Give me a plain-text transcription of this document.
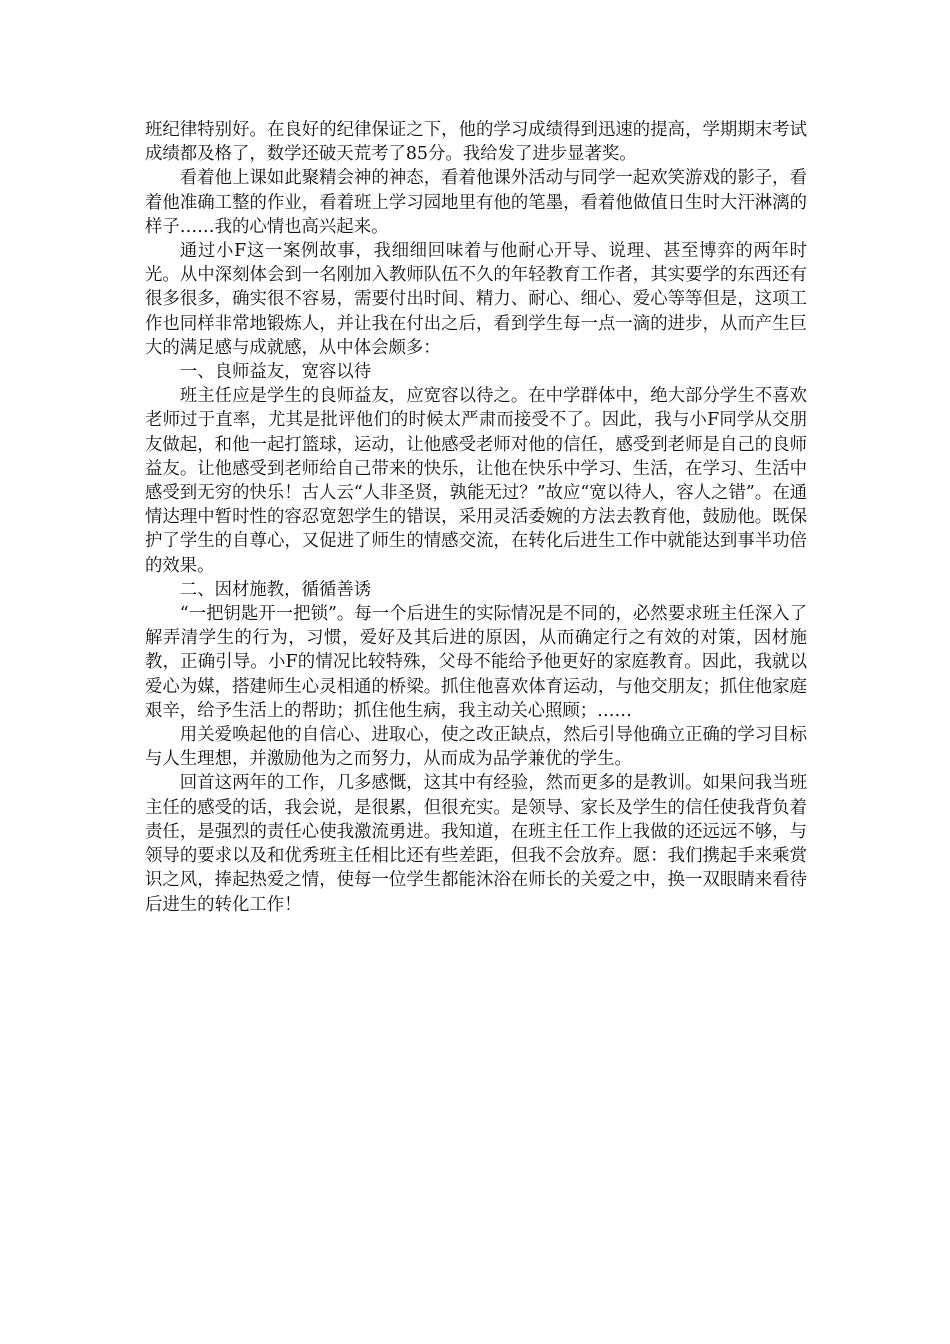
班纪律特别好。在良好的纪律保证之下，他的学习成绩得到迅速的提高，学期期末考试成绩都及格了，数学还破天荒考了85分。我给发了进步显著奖。

看着他上课如此聚精会神的神态，看着他课外活动与同学一起欢笑游戏的影子，看着他准确工整的作业，看着班上学习园地里有他的笔墨，看着他做值日生时大汗淋漓的样子……我的心情也高兴起来。

通过小F这一案例故事，我细细回味着与他耐心开导、说理、甚至博弈的两年时光。从中深刻体会到一名刚加入教师队伍不久的年轻教育工作者，其实要学的东西还有很多很多，确实很不容易，需要付出时间、精力、耐心、细心、爱心等等但是，这项工作也同样非常地锻炼人，并让我在付出之后，看到学生每一点一滴的进步，从而产生巨大的满足感与成就感，从中体会颇多：

一、良师益友，宽容以待

班主任应是学生的良师益友，应宽容以待之。在中学群体中，绝大部分学生不喜欢老师过于直率，尤其是批评他们的时候太严肃而接受不了。因此，我与小F同学从交朋友做起，和他一起打篮球，运动，让他感受老师对他的信任，感受到老师是自己的良师益友。让他感受到老师给自己带来的快乐，让他在快乐中学习、生活，在学习、生活中感受到无穷的快乐！古人云“人非圣贤，孰能无过？”故应“宽以待人，容人之错”。在通情达理中暂时性的容忍宽恕学生的错误，采用灵活委婉的方法去教育他，鼓励他。既保护了学生的自尊心，又促进了师生的情感交流，在转化后进生工作中就能达到事半功倍的效果。

二、因材施教，循循善诱

“一把钥匙开一把锁”。每一个后进生的实际情况是不同的，必然要求班主任深入了解弄清学生的行为，习惯，爱好及其后进的原因，从而确定行之有效的对策，因材施教，正确引导。小F的情况比较特殊，父母不能给予他更好的家庭教育。因此，我就以爱心为媒，搭建师生心灵相通的桥梁。抓住他喜欢体育运动，与他交朋友；抓住他家庭艰辛，给予生活上的帮助；抓住他生病，我主动关心照顾；……

用关爱唤起他的自信心、进取心，使之改正缺点，然后引导他确立正确的学习目标与人生理想，并激励他为之而努力，从而成为品学兼优的学生。

回首这两年的工作，几多感慨，这其中有经验，然而更多的是教训。如果问我当班主任的感受的话，我会说，是很累，但很充实。是领导、家长及学生的信任使我背负着责任，是强烈的责任心使我激流勇进。我知道，在班主任工作上我做的还远远不够，与领导的要求以及和优秀班主任相比还有些差距，但我不会放弃。愿：我们携起手来乘赏识之风，捧起热爱之情，使每一位学生都能沐浴在师长的关爱之中，换一双眼睛来看待后进生的转化工作！
